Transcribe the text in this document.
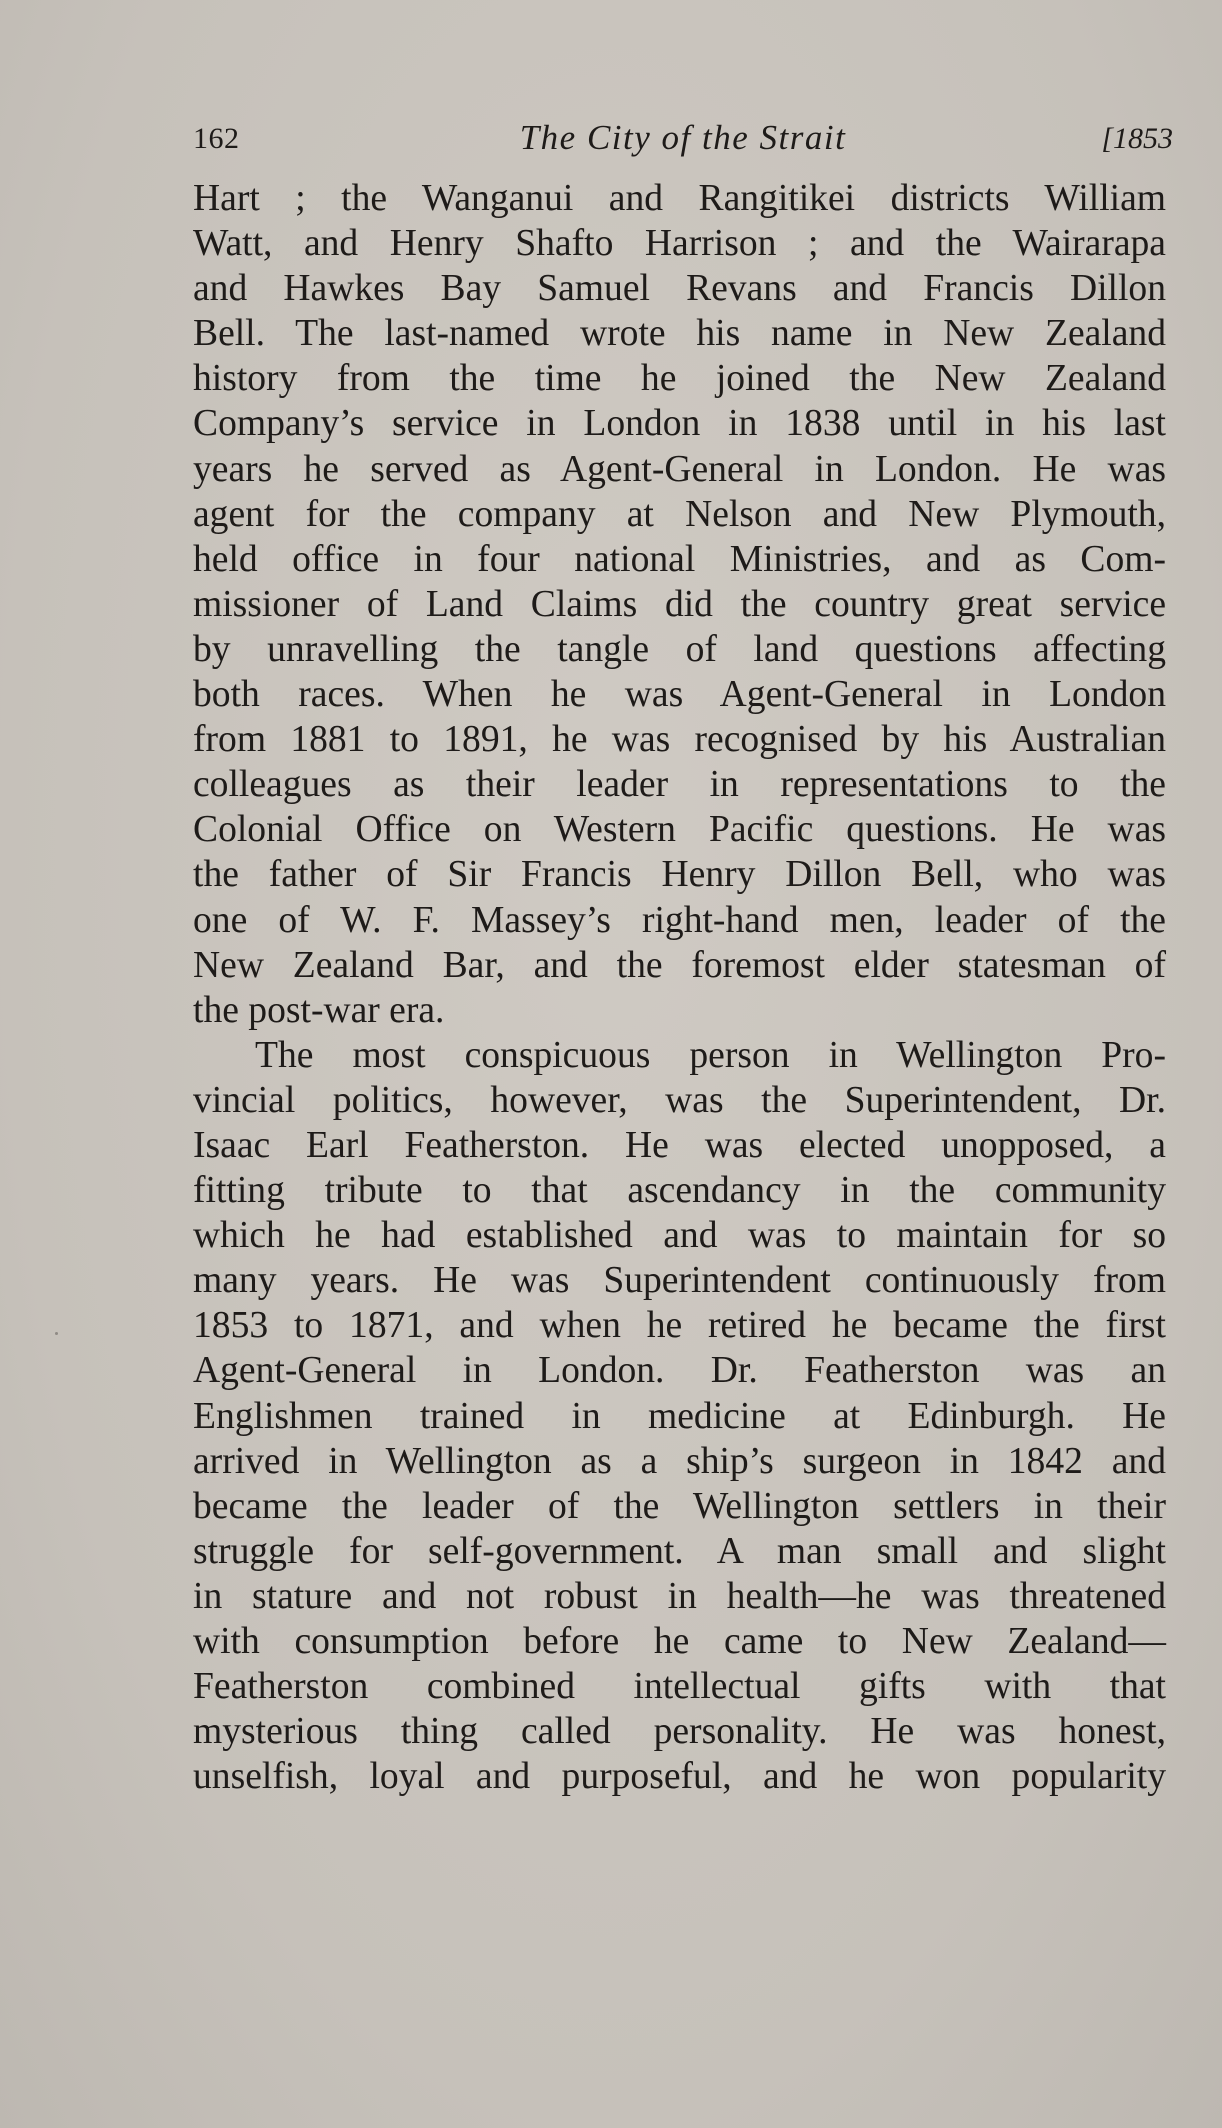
162	The City of the Strait	[1853
Hart ; the Wanganui and Rangitikei districts William
Watt, and Henry Shafto Harrison ; and the Wairarapa
and Hawkes Bay Samuel Revans and Francis Dillon
Bell. The last-named wrote his name in New Zealand
history from the time he joined the New Zealand
Company’s service in London in 1838 until in his last
years he served as Agent-General in London. He was
agent for the company at Nelson and New Plymouth,
held office in four national Ministries, and as Com-
missioner of Land Claims did the country great service
by unravelling the tangle of land questions affecting
both races. When he was Agent-General in London
from 1881 to 1891, he was recognised by his Australian
colleagues as their leader in representations to the
Colonial Office on Western Pacific questions. He was
the father of Sir Francis Henry Dillon Bell, who was
one of W. F. Massey’s right-hand men, leader of the
New Zealand Bar, and the foremost elder statesman of
the post-war era.
The most conspicuous person in Wellington Pro-
vincial politics, however, was the Superintendent, Dr.
Isaac Earl Featherston. He was elected unopposed, a
fitting tribute to that ascendancy in the community
which he had established and was to maintain for so
many years. He was Superintendent continuously from
1853 to 1871, and when he retired he became the first
Agent-General in London. Dr. Featherston was an
Englishmen trained in medicine at Edinburgh. He
arrived in Wellington as a ship’s surgeon in 1842 and
became the leader of the Wellington settlers in their
struggle for self-government. A man small and slight
in stature and not robust in health—he was threatened
with consumption before he came to New Zealand—
Featherston combined intellectual gifts with that
mysterious thing called personality. He was honest,
unselfish, loyal and purposeful, and he won popularity
